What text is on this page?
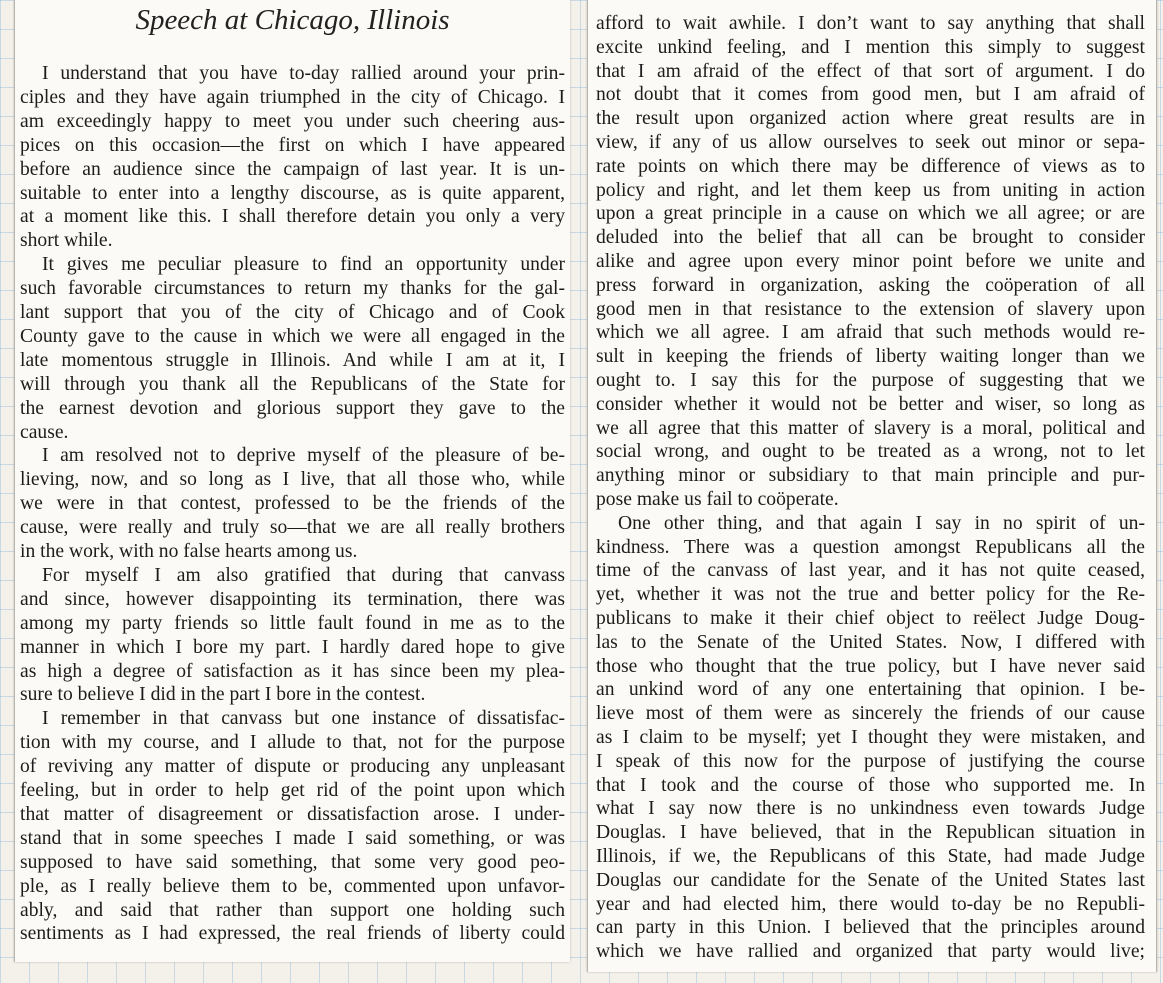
Speech at Chicago, Illinois
I understand that you have to-day rallied around your prin-
ciples and they have again triumphed in the city of Chicago. I
am exceedingly happy to meet you under such cheering aus-
pices on this occasion—the first on which I have appeared
before an audience since the campaign of last year. It is un-
suitable to enter into a lengthy discourse, as is quite apparent,
at a moment like this. I shall therefore detain you only a very
short while.
It gives me peculiar pleasure to find an opportunity under
such favorable circumstances to return my thanks for the gal-
lant support that you of the city of Chicago and of Cook
County gave to the cause in which we were all engaged in the
late momentous struggle in Illinois. And while I am at it, I
will through you thank all the Republicans of the State for
the earnest devotion and glorious support they gave to the
cause.
I am resolved not to deprive myself of the pleasure of be-
lieving, now, and so long as I live, that all those who, while
we were in that contest, professed to be the friends of the
cause, were really and truly so—that we are all really brothers
in the work, with no false hearts among us.
For myself I am also gratified that during that canvass
and since, however disappointing its termination, there was
among my party friends so little fault found in me as to the
manner in which I bore my part. I hardly dared hope to give
as high a degree of satisfaction as it has since been my plea-
sure to believe I did in the part I bore in the contest.
I remember in that canvass but one instance of dissatisfac-
tion with my course, and I allude to that, not for the purpose
of reviving any matter of dispute or producing any unpleasant
feeling, but in order to help get rid of the point upon which
that matter of disagreement or dissatisfaction arose. I under-
stand that in some speeches I made I said something, or was
supposed to have said something, that some very good peo-
ple, as I really believe them to be, commented upon unfavor-
ably, and said that rather than support one holding such
sentiments as I had expressed, the real friends of liberty could
afford to wait awhile. I don’t want to say anything that shall
excite unkind feeling, and I mention this simply to suggest
that I am afraid of the effect of that sort of argument. I do
not doubt that it comes from good men, but I am afraid of
the result upon organized action where great results are in
view, if any of us allow ourselves to seek out minor or sepa-
rate points on which there may be difference of views as to
policy and right, and let them keep us from uniting in action
upon a great principle in a cause on which we all agree; or are
deluded into the belief that all can be brought to consider
alike and agree upon every minor point before we unite and
press forward in organization, asking the coöperation of all
good men in that resistance to the extension of slavery upon
which we all agree. I am afraid that such methods would re-
sult in keeping the friends of liberty waiting longer than we
ought to. I say this for the purpose of suggesting that we
consider whether it would not be better and wiser, so long as
we all agree that this matter of slavery is a moral, political and
social wrong, and ought to be treated as a wrong, not to let
anything minor or subsidiary to that main principle and pur-
pose make us fail to coöperate.
One other thing, and that again I say in no spirit of un-
kindness. There was a question amongst Republicans all the
time of the canvass of last year, and it has not quite ceased,
yet, whether it was not the true and better policy for the Re-
publicans to make it their chief object to reëlect Judge Doug-
las to the Senate of the United States. Now, I differed with
those who thought that the true policy, but I have never said
an unkind word of any one entertaining that opinion. I be-
lieve most of them were as sincerely the friends of our cause
as I claim to be myself; yet I thought they were mistaken, and
I speak of this now for the purpose of justifying the course
that I took and the course of those who supported me. In
what I say now there is no unkindness even towards Judge
Douglas. I have believed, that in the Republican situation in
Illinois, if we, the Republicans of this State, had made Judge
Douglas our candidate for the Senate of the United States last
year and had elected him, there would to-day be no Republi-
can party in this Union. I believed that the principles around
which we have rallied and organized that party would live;
